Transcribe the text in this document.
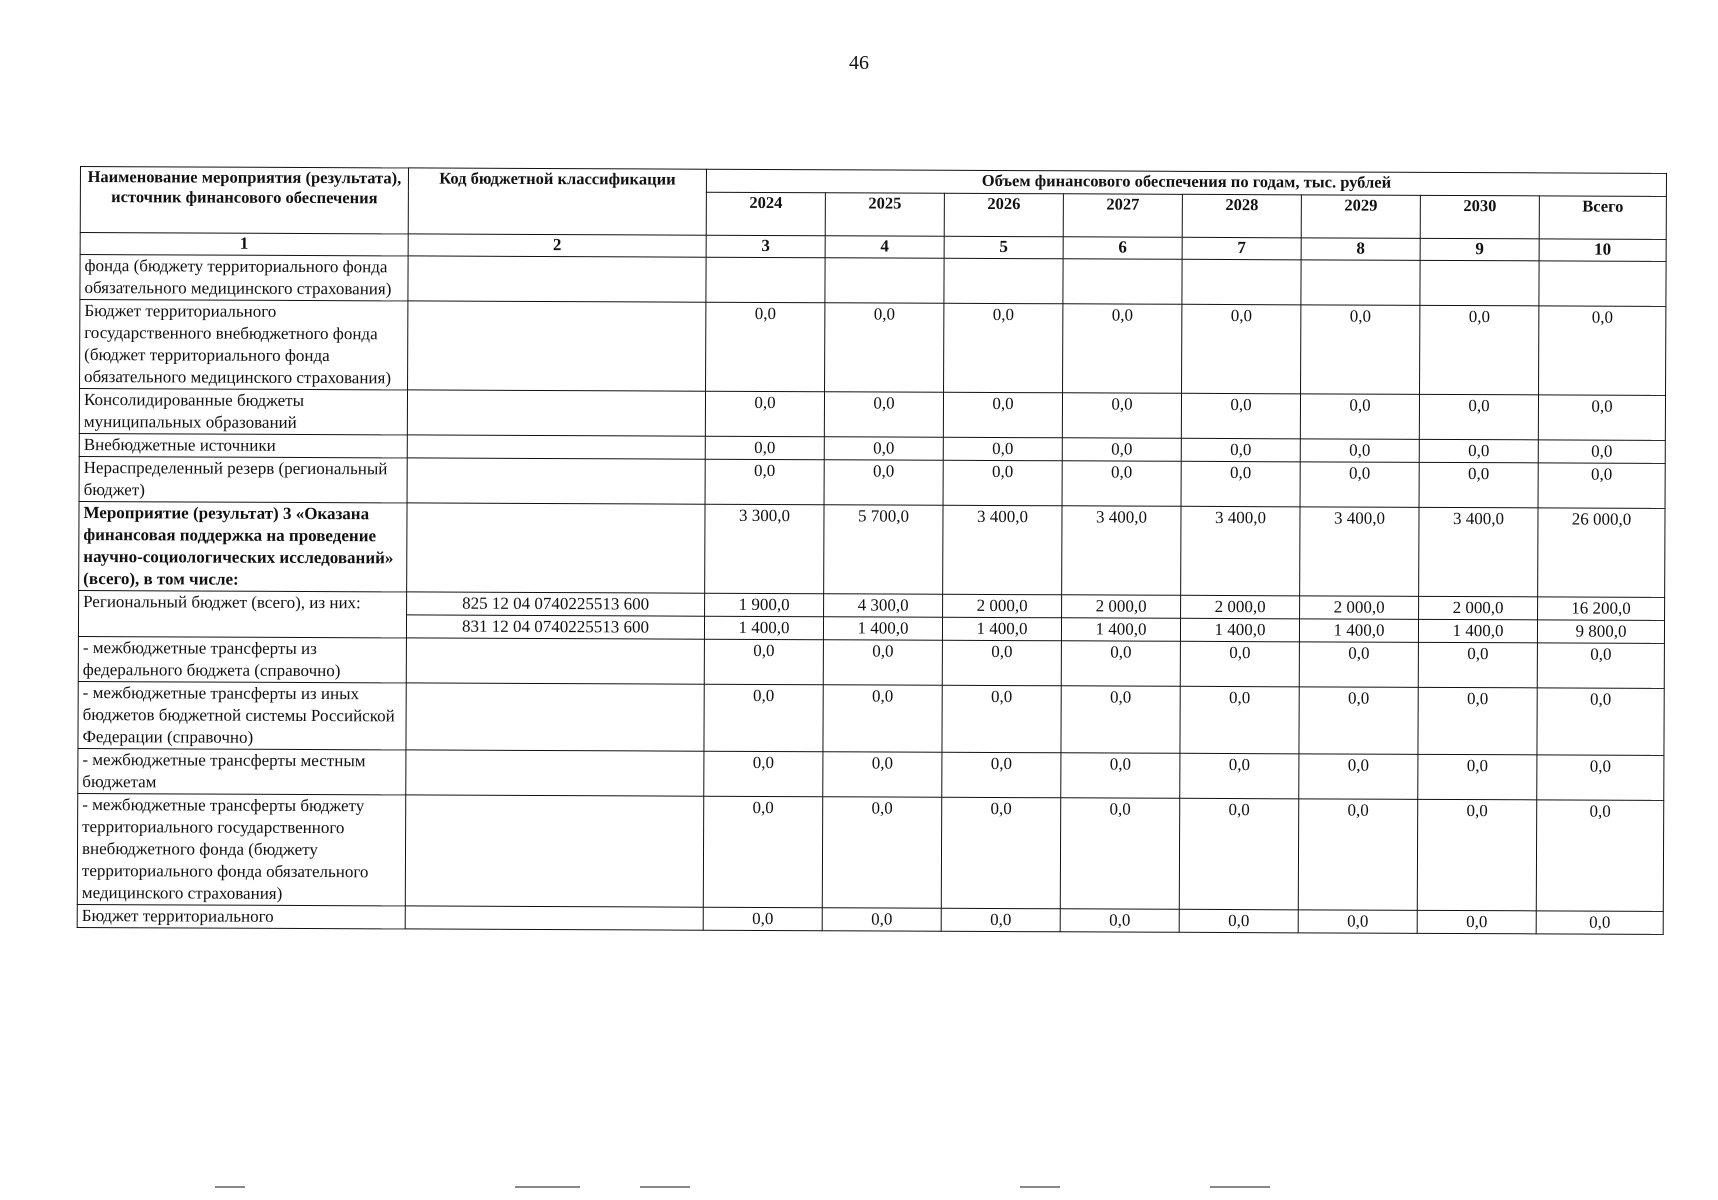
46
Наименование мероприятия (результата), источник финансового обеспечения	Код бюджетной классификации	Объем финансового обеспечения по годам, тыс. рублей							
		2024	2025	2026	2027	2028	2029	2030	Всего
1	2	3	4	5	6	7	8	9	10
фонда (бюджету территориального фонда обязательного медицинского страхования)									
Бюджет территориального государственного внебюджетного фонда (бюджет территориального фонда обязательного медицинского страхования)		0,0	0,0	0,0	0,0	0,0	0,0	0,0	0,0
Консолидированные бюджеты муниципальных образований		0,0	0,0	0,0	0,0	0,0	0,0	0,0	0,0
Внебюджетные источники		0,0	0,0	0,0	0,0	0,0	0,0	0,0	0,0
Нераспределенный резерв (региональный бюджет)		0,0	0,0	0,0	0,0	0,0	0,0	0,0	0,0
Мероприятие (результат) 3 «Оказана финансовая поддержка на проведение научно-социологических исследований» (всего), в том числе:		3 300,0	5 700,0	3 400,0	3 400,0	3 400,0	3 400,0	3 400,0	26 000,0
Региональный бюджет (всего), из них:	825 12 04 0740225513 600	1 900,0	4 300,0	2 000,0	2 000,0	2 000,0	2 000,0	2 000,0	16 200,0
	831 12 04 0740225513 600	1 400,0	1 400,0	1 400,0	1 400,0	1 400,0	1 400,0	1 400,0	9 800,0
- межбюджетные трансферты из федерального бюджета (справочно)		0,0	0,0	0,0	0,0	0,0	0,0	0,0	0,0
- межбюджетные трансферты из иных бюджетов бюджетной системы Российской Федерации (справочно)		0,0	0,0	0,0	0,0	0,0	0,0	0,0	0,0
- межбюджетные трансферты местным бюджетам		0,0	0,0	0,0	0,0	0,0	0,0	0,0	0,0
- межбюджетные трансферты бюджету территориального государственного внебюджетного фонда (бюджету территориального фонда обязательного медицинского страхования)		0,0	0,0	0,0	0,0	0,0	0,0	0,0	0,0
Бюджет территориального		0,0	0,0	0,0	0,0	0,0	0,0	0,0	0,0
